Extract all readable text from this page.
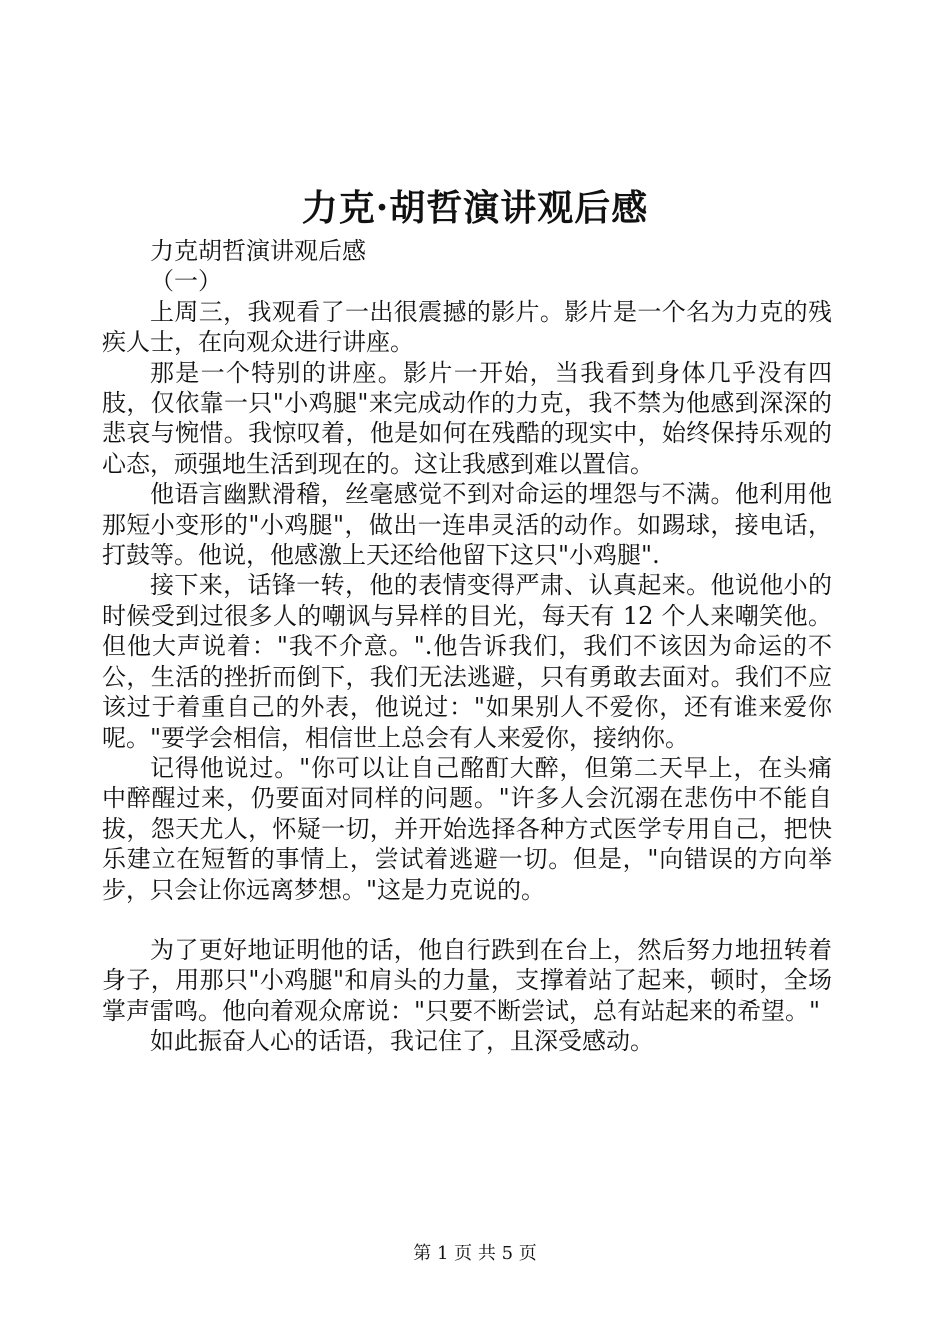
力克·胡哲演讲观后感

力克胡哲演讲观后感

（一）

上周三，我观看了一出很震撼的影片。影片是一个名为力克的残疾人士，在向观众进行讲座。

那是一个特别的讲座。影片一开始，当我看到身体几乎没有四肢，仅依靠一只"小鸡腿"来完成动作的力克，我不禁为他感到深深的悲哀与惋惜。我惊叹着，他是如何在残酷的现实中，始终保持乐观的心态，顽强地生活到现在的。这让我感到难以置信。

他语言幽默滑稽，丝毫感觉不到对命运的埋怨与不满。他利用他那短小变形的"小鸡腿"，做出一连串灵活的动作。如踢球，接电话，打鼓等。他说，他感激上天还给他留下这只"小鸡腿".

接下来，话锋一转，他的表情变得严肃、认真起来。他说他小的时候受到过很多人的嘲讽与异样的目光，每天有 12 个人来嘲笑他。但他大声说着："我不介意。".他告诉我们，我们不该因为命运的不公，生活的挫折而倒下，我们无法逃避，只有勇敢去面对。我们不应该过于着重自己的外表，他说过："如果别人不爱你，还有谁来爱你呢。"要学会相信，相信世上总会有人来爱你，接纳你。

记得他说过。"你可以让自己酩酊大醉，但第二天早上，在头痛中醉醒过来，仍要面对同样的问题。"许多人会沉溺在悲伤中不能自拔，怨天尤人，怀疑一切，并开始选择各种方式医学专用自己，把快乐建立在短暂的事情上，尝试着逃避一切。但是，"向错误的方向举步，只会让你远离梦想。"这是力克说的。

为了更好地证明他的话，他自行跌到在台上，然后努力地扭转着身子，用那只"小鸡腿"和肩头的力量，支撑着站了起来，顿时，全场掌声雷鸣。他向着观众席说："只要不断尝试，总有站起来的希望。"

如此振奋人心的话语，我记住了，且深受感动。

第 1 页 共 5 页
